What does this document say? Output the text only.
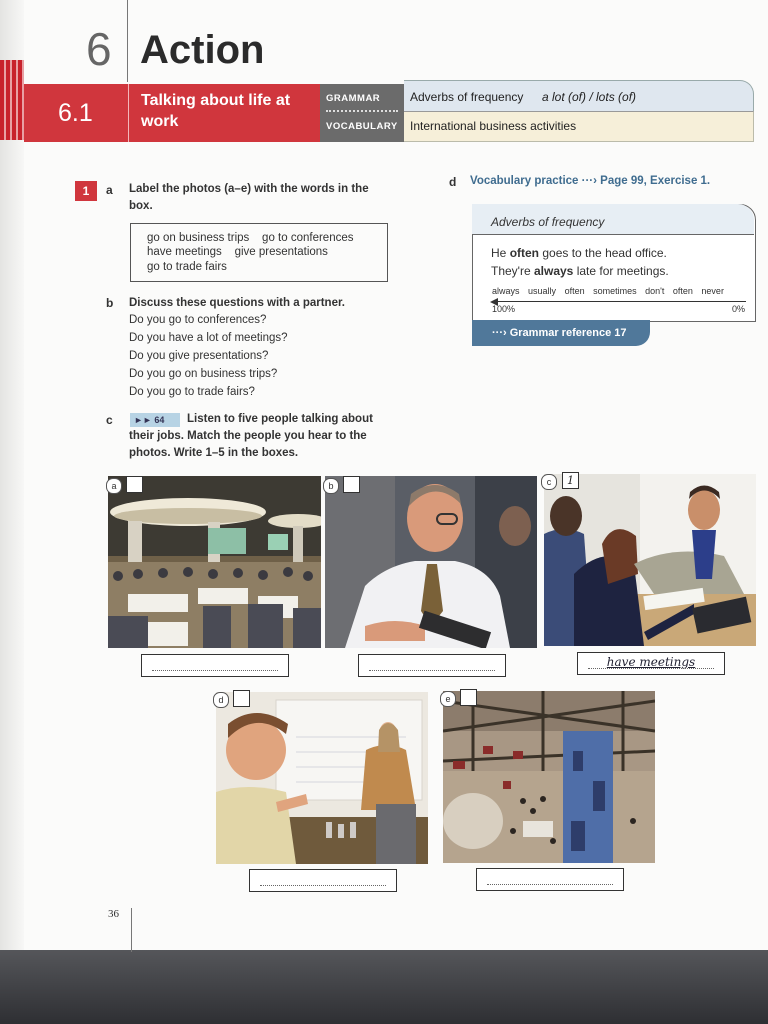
6 Action
6.1	Talking about life at work
GRAMMAR
VOCABULARY
Adverbs of frequency a lot (of) / lots (of)
International business activities
1	a Label the photos (a–e) with the words in the box.
go on business trips    go to conferences
have meetings    give presentations
go to trade fairs
b Discuss these questions with a partner.
Do you go to conferences?
Do you have a lot of meetings?
Do you give presentations?
Do you go on business trips?
Do you go to trade fairs?
c	►► 64	Listen to five people talking about their jobs. Match the people you hear to the photos. Write 1–5 in the boxes.
d Vocabulary practice ···› Page 99, Exercise 1.
Adverbs of frequency
He often goes to the head office.
They're always late for meetings.
always usually often sometimes don't often never
100%	0%
···› Grammar reference 17
a	b	c	1
have meetings
d	e
36
